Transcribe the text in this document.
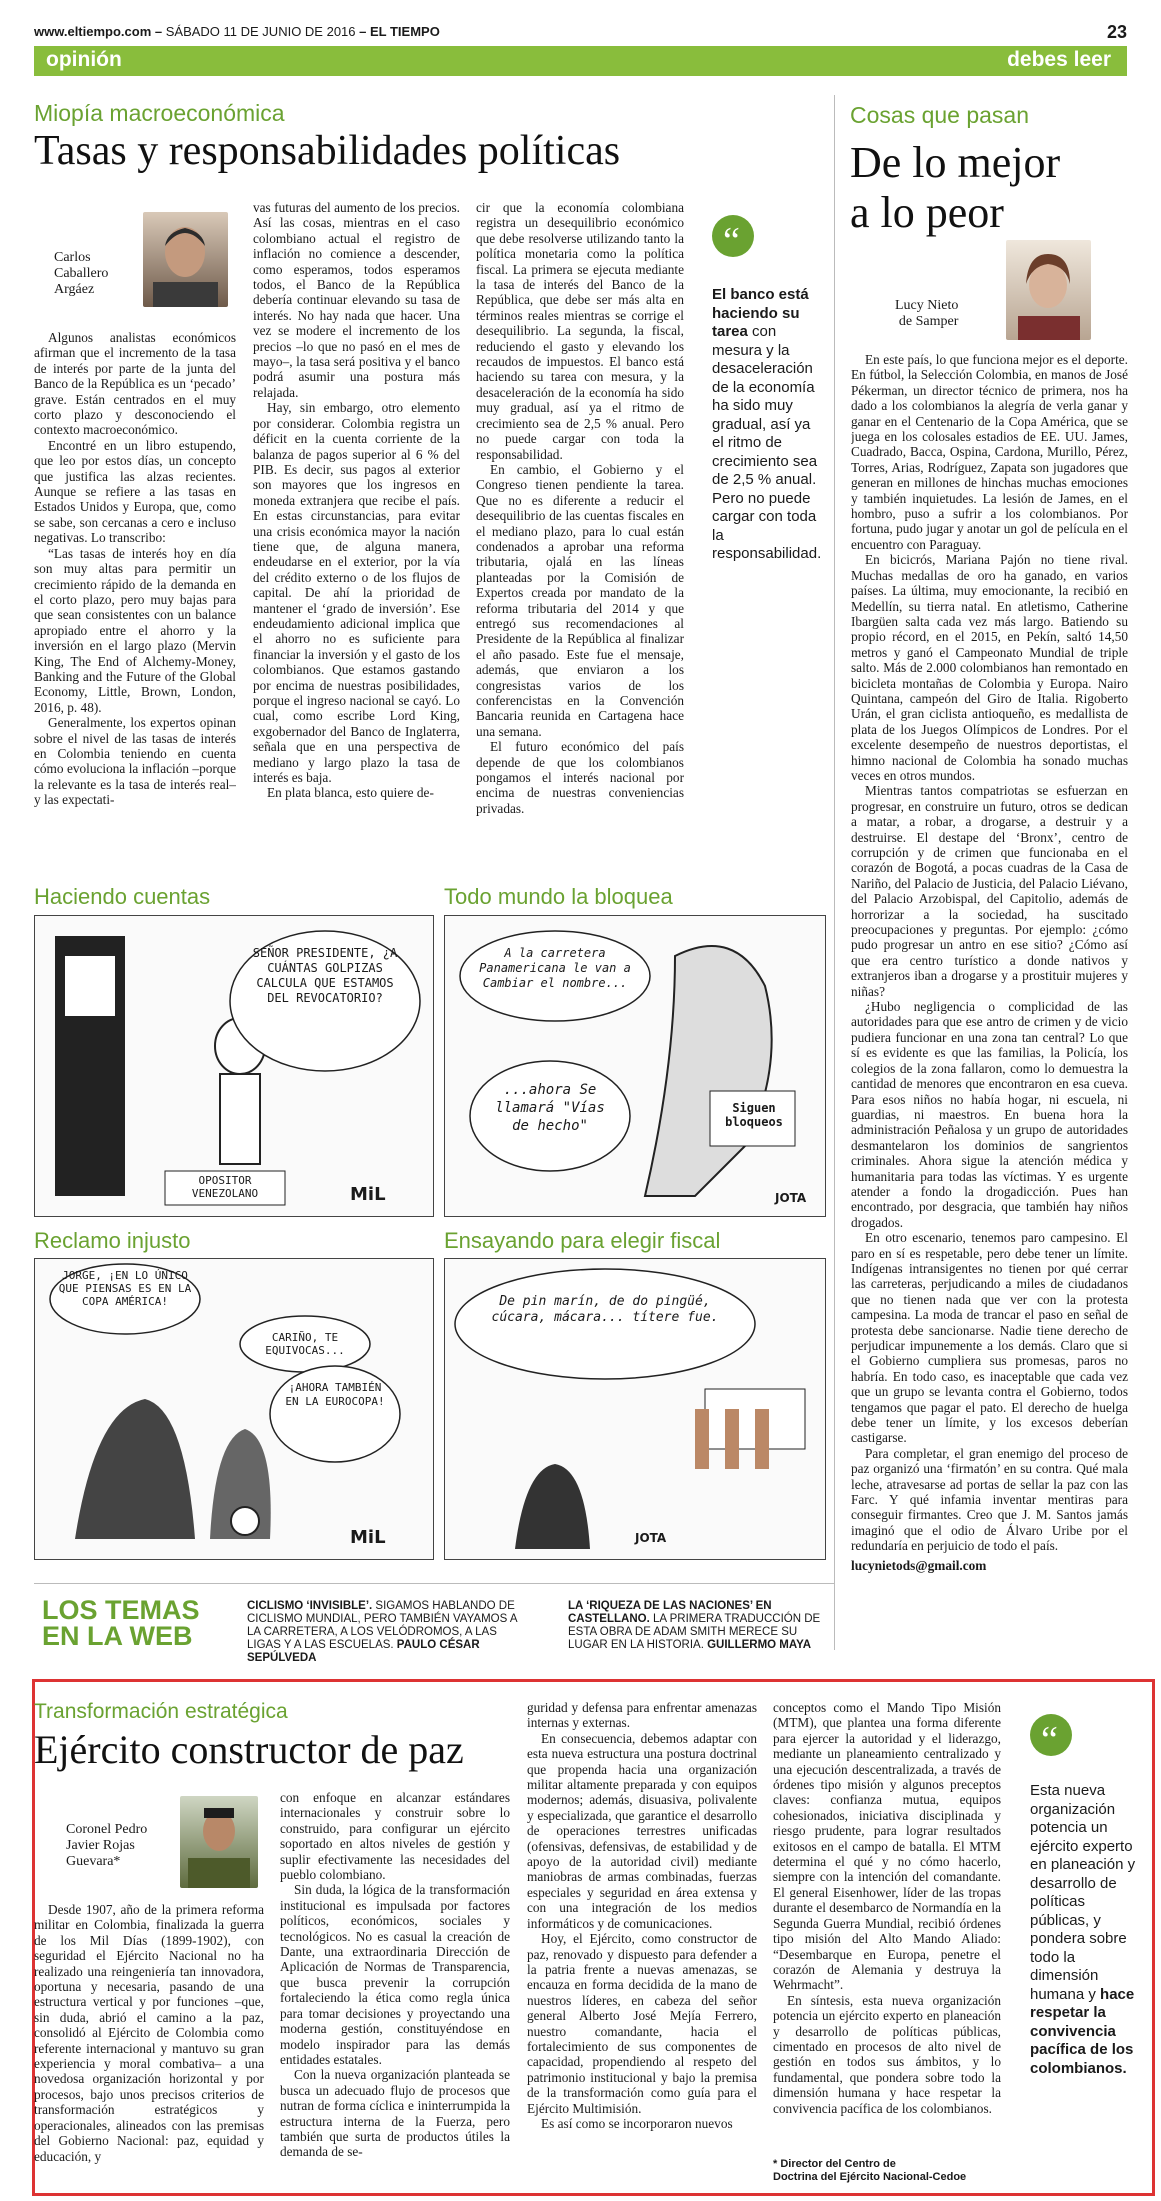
www.eltiempo.com – SÁBADO 11 DE JUNIO DE 2016 – EL TIEMPO	23
opinión	debes leer
Miopía macroeconómica
Tasas y responsabilidades políticas
Carlos
Caballero
Argáez

Algunos analistas económicos afirman que el incremento de la tasa de interés por parte de la junta del Banco de la República es un ‘pecado’ grave. Están centrados en el muy corto plazo y desconociendo el contexto macroeconómico.

Encontré en un libro estupendo, que leo por estos días, un concepto que justifica las alzas recientes. Aunque se refiere a las tasas en Estados Unidos y Europa, que, como se sabe, son cercanas a cero e incluso negativas. Lo transcribo:

“Las tasas de interés hoy en día son muy altas para permitir un crecimiento rápido de la demanda en el corto plazo, pero muy bajas para que sean consistentes con un balance apropiado entre el ahorro y la inversión en el largo plazo (Mervin King, The End of Alchemy-Money, Banking and the Future of the Global Economy, Little, Brown, London, 2016, p. 48).

Generalmente, los expertos opinan sobre el nivel de las tasas de interés en Colombia teniendo en cuenta cómo evoluciona la inflación –porque la relevante es la tasa de interés real– y las expectati-

vas futuras del aumento de los precios. Así las cosas, mientras en el caso colombiano actual el registro de inflación no comience a descender, como esperamos, todos esperamos todos, el Banco de la República debería continuar elevando su tasa de interés. No hay nada que hacer. Una vez se modere el incremento de los precios –lo que no pasó en el mes de mayo–, la tasa será positiva y el banco podrá asumir una postura más relajada.

Hay, sin embargo, otro elemento por considerar. Colombia registra un déficit en la cuenta corriente de la balanza de pagos superior al 6 % del PIB. Es decir, sus pagos al exterior son mayores que los ingresos en moneda extranjera que recibe el país. En estas circunstancias, para evitar una crisis económica mayor la nación tiene que, de alguna manera, endeudarse en el exterior, por la vía del crédito externo o de los flujos de capital. De ahí la prioridad de mantener el ‘grado de inversión’. Ese endeudamiento adicional implica que el ahorro no es suficiente para financiar la inversión y el gasto de los colombianos. Que estamos gastando por encima de nuestras posibilidades, porque el ingreso nacional se cayó. Lo cual, como escribe Lord King, exgobernador del Banco de Inglaterra, señala que en una perspectiva de mediano y largo plazo la tasa de interés es baja.

En plata blanca, esto quiere de-

cir que la economía colombiana registra un desequilibrio económico que debe resolverse utilizando tanto la política monetaria como la política fiscal. La primera se ejecuta mediante la tasa de interés del Banco de la República, que debe ser más alta en términos reales mientras se corrige el desequilibrio. La segunda, la fiscal, reduciendo el gasto y elevando los recaudos de impuestos. El banco está haciendo su tarea con mesura, y la desaceleración de la economía ha sido muy gradual, así ya el ritmo de crecimiento sea de 2,5 % anual. Pero no puede cargar con toda la responsabilidad.

En cambio, el Gobierno y el Congreso tienen pendiente la tarea. Que no es diferente a reducir el desequilibrio de las cuentas fiscales en el mediano plazo, para lo cual están condenados a aprobar una reforma tributaria, ojalá en las líneas planteadas por la Comisión de Expertos creada por mandato de la reforma tributaria del 2014 y que entregó sus recomendaciones al Presidente de la República al finalizar el año pasado. Este fue el mensaje, además, que enviaron a los congresistas varios de los conferencistas en la Convención Bancaria reunida en Cartagena hace una semana.

El futuro económico del país depende de que los colombianos pongamos el interés nacional por encima de nuestras conveniencias privadas.

“
El banco está haciendo su tarea con mesura y la desaceleración de la economía ha sido muy gradual, así ya el ritmo de crecimiento sea de 2,5 % anual. Pero no puede cargar con toda la responsabilidad.
Cosas que pasan
De lo mejor a lo peor
Lucy Nieto
de Samper

En este país, lo que funciona mejor es el deporte. En fútbol, la Selección Colombia, en manos de José Pékerman, un director técnico de primera, nos ha dado a los colombianos la alegría de verla ganar y ganar en el Centenario de la Copa América, que se juega en los colosales estadios de EE. UU. James, Cuadrado, Bacca, Ospina, Cardona, Murillo, Pérez, Torres, Arias, Rodríguez, Zapata son jugadores que generan en millones de hinchas muchas emociones y también inquietudes. La lesión de James, en el hombro, puso a sufrir a los colombianos. Por fortuna, pudo jugar y anotar un gol de película en el encuentro con Paraguay.

En bicicrós, Mariana Pajón no tiene rival. Muchas medallas de oro ha ganado, en varios países. La última, muy emocionante, la recibió en Medellín, su tierra natal. En atletismo, Catherine Ibargüen salta cada vez más largo. Batiendo su propio récord, en el 2015, en Pekín, saltó 14,50 metros y ganó el Campeonato Mundial de triple salto. Más de 2.000 colombianos han remontado en bicicleta montañas de Colombia y Europa. Nairo Quintana, campeón del Giro de Italia. Rigoberto Urán, el gran ciclista antioqueño, es medallista de plata de los Juegos Olímpicos de Londres. Por el excelente desempeño de nuestros deportistas, el himno nacional de Colombia ha sonado muchas veces en otros mundos.

Mientras tantos compatriotas se esfuerzan en progresar, en construire un futuro, otros se dedican a matar, a robar, a drogarse, a destruir y a destruirse. El destape del ‘Bronx’, centro de corrupción y de crimen que funcionaba en el corazón de Bogotá, a pocas cuadras de la Casa de Nariño, del Palacio de Justicia, del Palacio Liévano, del Palacio Arzobispal, del Capitolio, además de horrorizar a la sociedad, ha suscitado preocupaciones y preguntas. Por ejemplo: ¿cómo pudo progresar un antro en ese sitio? ¿Cómo así que era centro turístico a donde nativos y extranjeros iban a drogarse y a prostituir mujeres y niñas?

¿Hubo negligencia o complicidad de las autoridades para que ese antro de crimen y de vicio pudiera funcionar en una zona tan central? Lo que sí es evidente es que las familias, la Policía, los colegios de la zona fallaron, como lo demuestra la cantidad de menores que encontraron en esa cueva. Para esos niños no había hogar, ni escuela, ni guardias, ni maestros. En buena hora la administración Peñalosa y un grupo de autoridades desmantelaron los dominios de sangrientos criminales. Ahora sigue la atención médica y humanitaria para todas las víctimas. Y es urgente atender a fondo la drogadicción. Pues han encontrado, por desgracia, que también hay niños drogados.

En otro escenario, tenemos paro campesino. El paro en sí es respetable, pero debe tener un límite. Indígenas intransigentes no tienen por qué cerrar las carreteras, perjudicando a miles de ciudadanos que no tienen nada que ver con la protesta campesina. La moda de trancar el paso en señal de protesta debe sancionarse. Nadie tiene derecho de perjudicar impunemente a los demás. Claro que si el Gobierno cumpliera sus promesas, paros no habría. En todo caso, es inaceptable que cada vez que un grupo se levanta contra el Gobierno, todos tengamos que pagar el pato. El derecho de huelga debe tener un límite, y los excesos deberían castigarse.

Para completar, el gran enemigo del proceso de paz organizó una ‘firmatón’ en su contra. Qué mala leche, atravesarse ad portas de sellar la paz con las Farc. Y qué infamia inventar mentiras para conseguir firmantes. Creo que J. M. Santos jamás imaginó que el odio de Álvaro Uribe por el redundaría en perjuicio de todo el país.

lucynietods@gmail.com

Haciendo cuentas
SEÑOR PRESIDENTE, ¿A CUÁNTAS GOLPIZAS CALCULA QUE ESTAMOS DEL REVOCATORIO?
OPOSITOR VENEZOLANO	MiL
Todo mundo la bloquea
A la carretera Panamericana le van a Cambiar el nombre...
...ahora Se llamará "Vías de hecho"
Siguen bloqueos
JOTA
Reclamo injusto
JORGE, ¡EN LO ÚNICO QUE PIENSAS ES EN LA COPA AMÉRICA!
CARIÑO, TE EQUIVOCAS...
¡AHORA TAMBIÉN EN LA EUROCOPA!
MiL
Ensayando para elegir fiscal
De pin marín, de do pingüé, cúcara, mácara... títere fue.
JOTA
LOS TEMAS
EN LA WEB
CICLISMO ‘INVISIBLE’. SIGAMOS HABLANDO DE CICLISMO MUNDIAL, PERO TAMBIÉN VAYAMOS A LA CARRETERA, A LOS VELÓDROMOS, A LAS LIGAS Y A LAS ESCUELAS. PAULO CÉSAR SEPÚLVEDA
LA ‘RIQUEZA DE LAS NACIONES’ EN CASTELLANO. LA PRIMERA TRADUCCIÓN DE ESTA OBRA DE ADAM SMITH MERECE SU LUGAR EN LA HISTORIA. GUILLERMO MAYA
Transformación estratégica
Ejército constructor de paz
Coronel Pedro
Javier Rojas
Guevara*

Desde 1907, año de la primera reforma militar en Colombia, finalizada la guerra de los Mil Días (1899-1902), con seguridad el Ejército Nacional no ha realizado una reingeniería tan innovadora, oportuna y necesaria, pasando de una estructura vertical y por funciones –que, sin duda, abrió el camino a la paz, consolidó al Ejército de Colombia como referente internacional y mantuvo su gran experiencia y moral combativa– a una novedosa organización horizontal y por procesos, bajo unos precisos criterios de transformación estratégicos y operacionales, alineados con las premisas del Gobierno Nacional: paz, equidad y educación, y

con enfoque en alcanzar estándares internacionales y construir sobre lo construido, para configurar un ejército soportado en altos niveles de gestión y suplir efectivamente las necesidades del pueblo colombiano.

Sin duda, la lógica de la transformación institucional es impulsada por factores políticos, económicos, sociales y tecnológicos. No es casual la creación de Dante, una extraordinaria Dirección de Aplicación de Normas de Transparencia, que busca prevenir la corrupción fortaleciendo la ética como regla única para tomar decisiones y proyectando una moderna gestión, constituyéndose en modelo inspirador para las demás entidades estatales.

Con la nueva organización planteada se busca un adecuado flujo de procesos que nutran de forma cíclica e ininterrumpida la estructura interna de la Fuerza, pero también que surta de productos útiles la demanda de se-

guridad y defensa para enfrentar amenazas internas y externas.

En consecuencia, debemos adaptar con esta nueva estructura una postura doctrinal que propenda hacia una organización militar altamente preparada y con equipos modernos; además, disuasiva, polivalente y especializada, que garantice el desarrollo de operaciones terrestres unificadas (ofensivas, defensivas, de estabilidad y de apoyo de la autoridad civil) mediante maniobras de armas combinadas, fuerzas especiales y seguridad en área extensa y con una integración de los medios informáticos y de comunicaciones.

Hoy, el Ejército, como constructor de paz, renovado y dispuesto para defender a la patria frente a nuevas amenazas, se encauza en forma decidida de la mano de nuestros líderes, en cabeza del señor general Alberto José Mejía Ferrero, nuestro comandante, hacia el fortalecimiento de sus componentes de capacidad, propendiendo al respeto del patrimonio institucional y bajo la premisa de la transformación como guía para el Ejército Multimisión.

Es así como se incorporaron nuevos

conceptos como el Mando Tipo Misión (MTM), que plantea una forma diferente para ejercer la autoridad y el liderazgo, mediante un planeamiento centralizado y una ejecución descentralizada, a través de órdenes tipo misión y algunos preceptos claves: confianza mutua, equipos cohesionados, iniciativa disciplinada y riesgo prudente, para lograr resultados exitosos en el campo de batalla. El MTM determina el qué y no cómo hacerlo, siempre con la intención del comandante. El general Eisenhower, líder de las tropas durante el desembarco de Normandía en la Segunda Guerra Mundial, recibió órdenes tipo misión del Alto Mando Aliado: “Desembarque en Europa, penetre el corazón de Alemania y destruya la Wehrmacht”.

En síntesis, esta nueva organización potencia un ejército experto en planeación y desarrollo de políticas públicas, cimentado en procesos de alto nivel de gestión en todos sus ámbitos, y lo fundamental, que pondera sobre todo la dimensión humana y hace respetar la convivencia pacífica de los colombianos.

* Director del Centro de
Doctrina del Ejército Nacional-Cedoe
“
Esta nueva organización potencia un ejército experto en planeación y desarrollo de políticas públicas, y pondera sobre todo la dimensión humana y hace respetar la convivencia pacífica de los colombianos.
